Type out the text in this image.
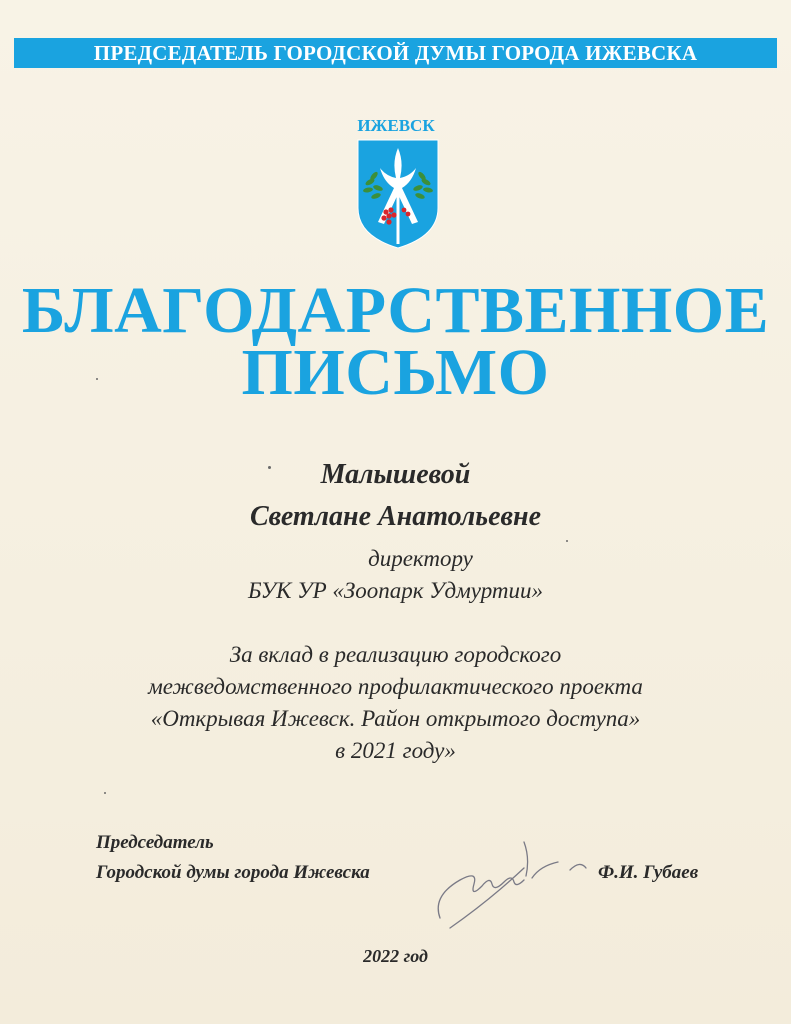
ПРЕДСЕДАТЕЛЬ ГОРОДСКОЙ ДУМЫ ГОРОДА ИЖЕВСКА
ИЖЕВСК
БЛАГОДАРСТВЕННОЕ
ПИСЬМО
Малышевой
Светлане Анатольевне
директору
БУК УР «Зоопарк Удмуртии»
За вклад в реализацию городского
межведомственного профилактического проекта
«Открывая Ижевск. Район открытого доступа»
в 2021 году»
Председатель
Городской думы города Ижевска	Ф.И. Губаев
2022 год
